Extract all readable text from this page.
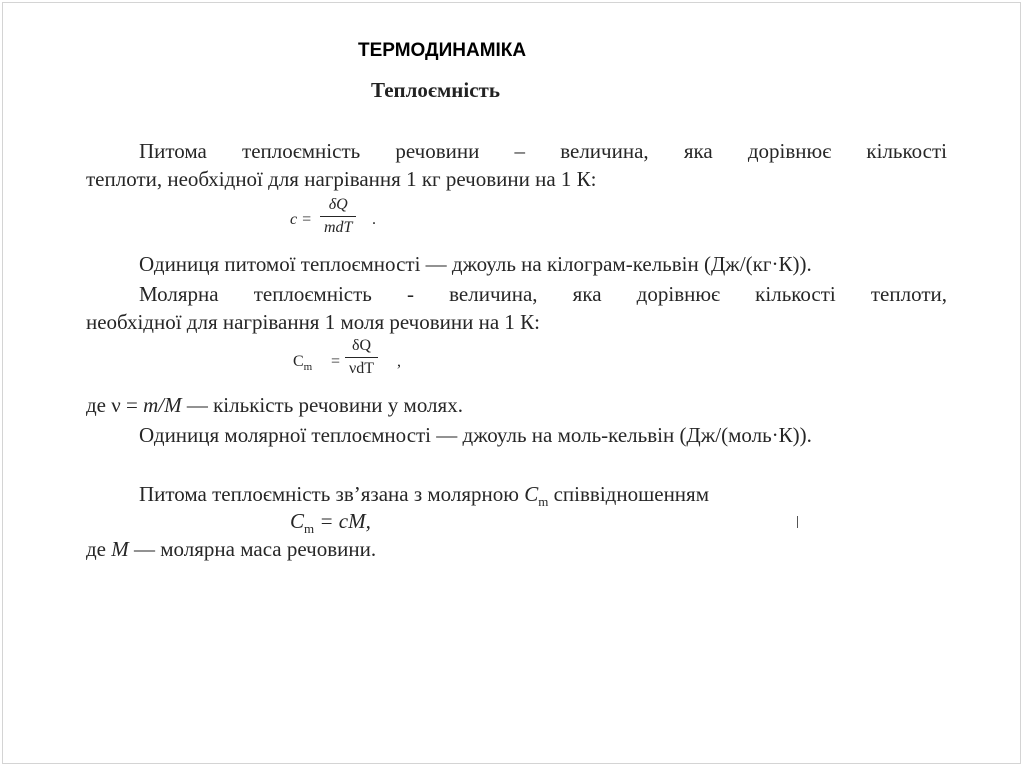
ТЕРМОДИНАМІКА
Теплоємність
Питома теплоємність речовини – величина, яка дорівнює кількості
теплоти, необхідної для нагрівання 1 кг речовини на 1 К:
c =
δQ
mdT .
Одиниця питомої теплоємності — джоуль на кілограм-кельвін (Дж/(кг·К)).
Молярна теплоємність - величина, яка дорівнює кількості теплоти,
необхідної для нагрівання 1 моля речовини на 1 К:
$C_m$ =
δQ
νdT ,
де ν = m/M — кількість речовини у молях.
Одиниця молярної теплоємності — джоуль на моль-кельвін (Дж/(моль·К)).
Питома теплоємність зв’язана з молярною $C_m$ співвідношенням
$C_m$ = cM,
де M — молярна маса речовини.
